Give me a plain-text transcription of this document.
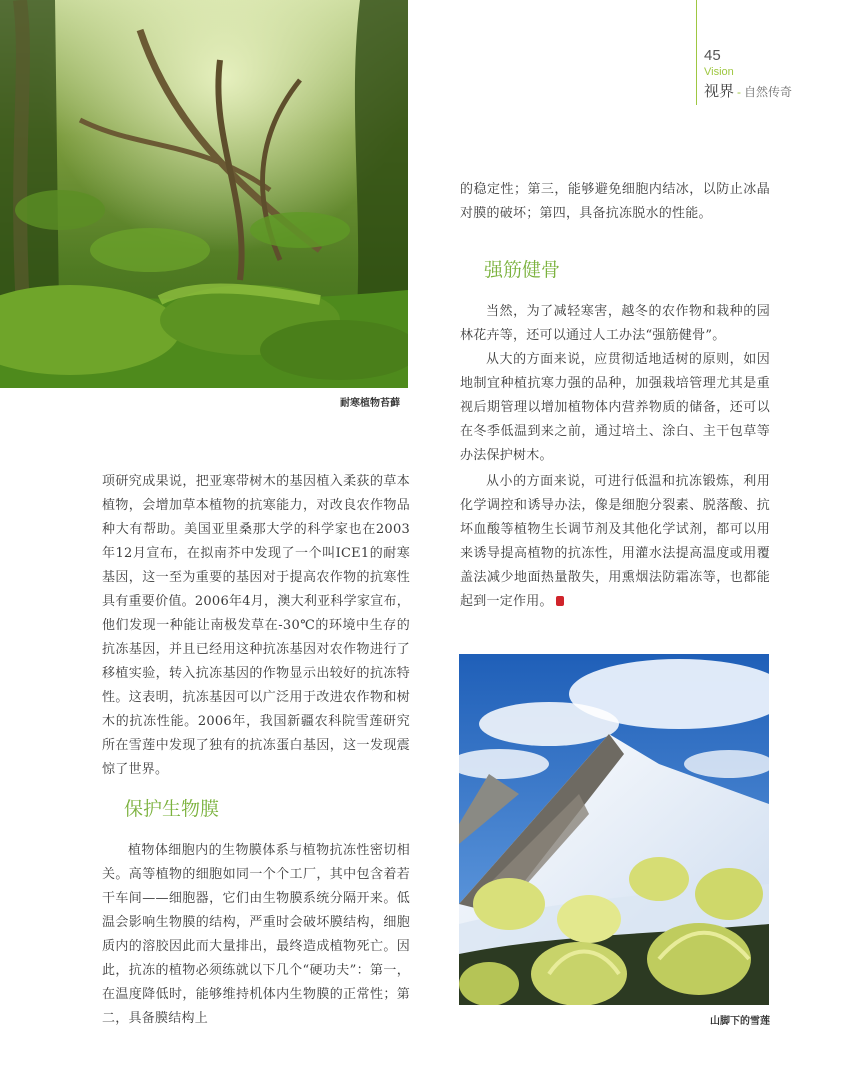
45
Vision
视界 - 自然传奇
耐寒植物苔藓
山脚下的雪莲

项研究成果说，把亚寒带树木的基因植入柔荻的草本植物，会增加草本植物的抗寒能力，对改良农作物品种大有帮助。美国亚里桑那大学的科学家也在2003年12月宣布，在拟南芥中发现了一个叫ICE1的耐寒基因，这一至为重要的基因对于提高农作物的抗寒性具有重要价值。2006年4月，澳大利亚科学家宣布，他们发现一种能让南极发草在-30℃的环境中生存的抗冻基因，并且已经用这种抗冻基因对农作物进行了移植实验，转入抗冻基因的作物显示出较好的抗冻特性。这表明，抗冻基因可以广泛用于改进农作物和树木的抗冻性能。2006年，我国新疆农科院雪莲研究所在雪莲中发现了独有的抗冻蛋白基因，这一发现震惊了世界。

保护生物膜

植物体细胞内的生物膜体系与植物抗冻性密切相关。高等植物的细胞如同一个个工厂，其中包含着若干车间——细胞器，它们由生物膜系统分隔开来。低温会影响生物膜的结构，严重时会破坏膜结构，细胞质内的溶胶因此而大量排出，最终造成植物死亡。因此，抗冻的植物必须练就以下几个“硬功夫”：第一，在温度降低时，能够维持机体内生物膜的正常性；第二，具备膜结构上

的稳定性；第三，能够避免细胞内结冰，以防止冰晶对膜的破坏；第四，具备抗冻脱水的性能。

强筋健骨

当然，为了减轻寒害，越冬的农作物和栽种的园林花卉等，还可以通过人工办法“强筋健骨”。

从大的方面来说，应贯彻适地适树的原则，如因地制宜种植抗寒力强的品种，加强栽培管理尤其是重视后期管理以增加植物体内营养物质的储备，还可以在冬季低温到来之前，通过培土、涂白、主干包草等办法保护树木。

从小的方面来说，可进行低温和抗冻锻炼，利用化学调控和诱导办法，像是细胞分裂素、脱落酸、抗坏血酸等植物生长调节剂及其他化学试剂，都可以用来诱导提高植物的抗冻性，用灌水法提高温度或用覆盖法减少地面热量散失，用熏烟法防霜冻等，也都能起到一定作用。
